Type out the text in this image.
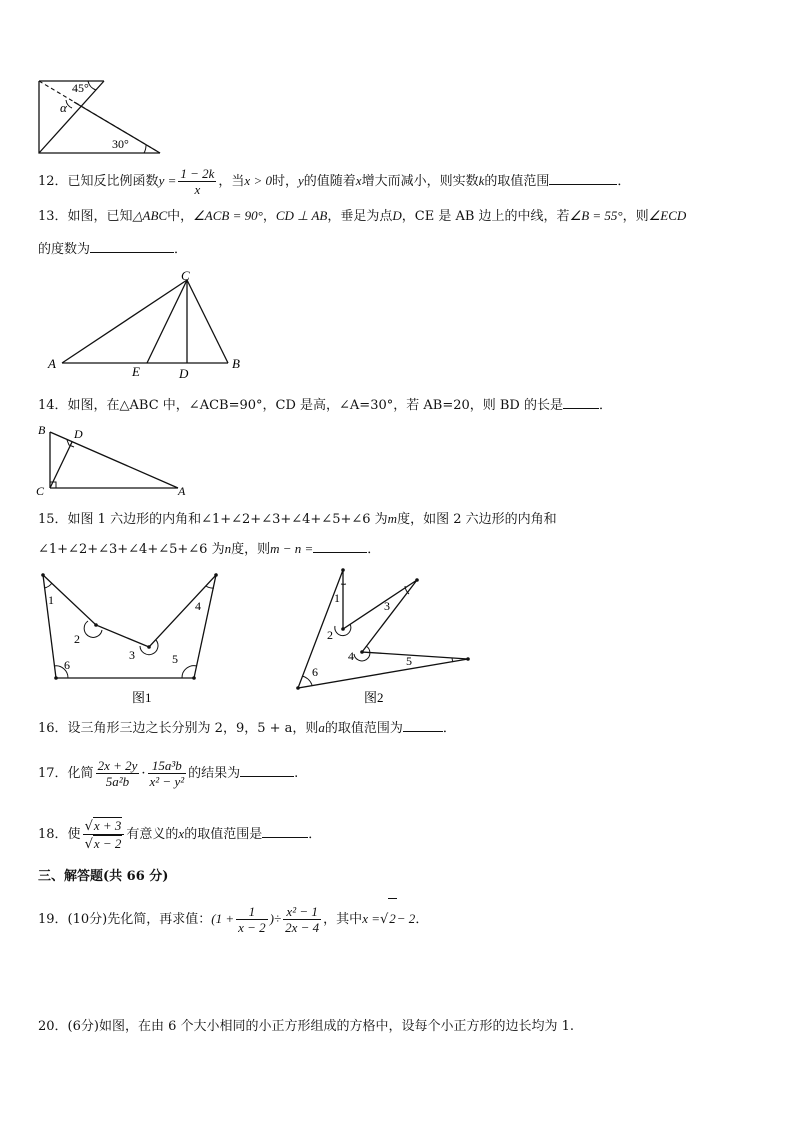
45°
α
30°
12．已知反比例函数$y = \frac{1 - 2k}{x}$ ，当x > 0时，y的值随着x增大而减小，则实数k的取值范围	．
13．如图，已知△ABC中，∠ACB = 90°，CD ⊥ AB，垂足为点D，CE 是 AB 边上的中线，若∠B = 55°，则∠ECD
的度数为	．
C
A
E	D
B
14．如图，在△ABC 中，∠ACB=90°，CD 是高，∠A=30°，若 AB=20，则 BD 的长是	．
B D
C	A
15．如图 1 六边形的内角和∠1+∠2+∠3+∠4+∠5+∠6 为m度，如图 2 六边形的内角和
∠1+∠2+∠3+∠4+∠5+∠6 为n度，则m − n =	．
1
2
3
4
5
6
图1
1
2
3
4	5
6
图2
16．设三角形三边之长分别为 2，9，5 + a，则a的取值范围为	．
17．化简 $\frac{2x + 2y}{\text{5a²b}} \cdot \frac{\text{15a³b}}{\text{x² − y²}}$ 的结果为	.
18．使 $\frac{√x + 3}{√x - 2}$ 有意义的x的取值范围是	．
三、解答题(共 66 分)
19．(10分)先化简，再求值：($1 + \frac{1}{x - 2}$ )÷ $\frac{\text{x² − 1}}{2x - 4}$ ，其中x =√2− 2．
20．(6分)如图，在由 6 个大小相同的小正方形组成的方格中，设每个小正方形的边长均为 1.
